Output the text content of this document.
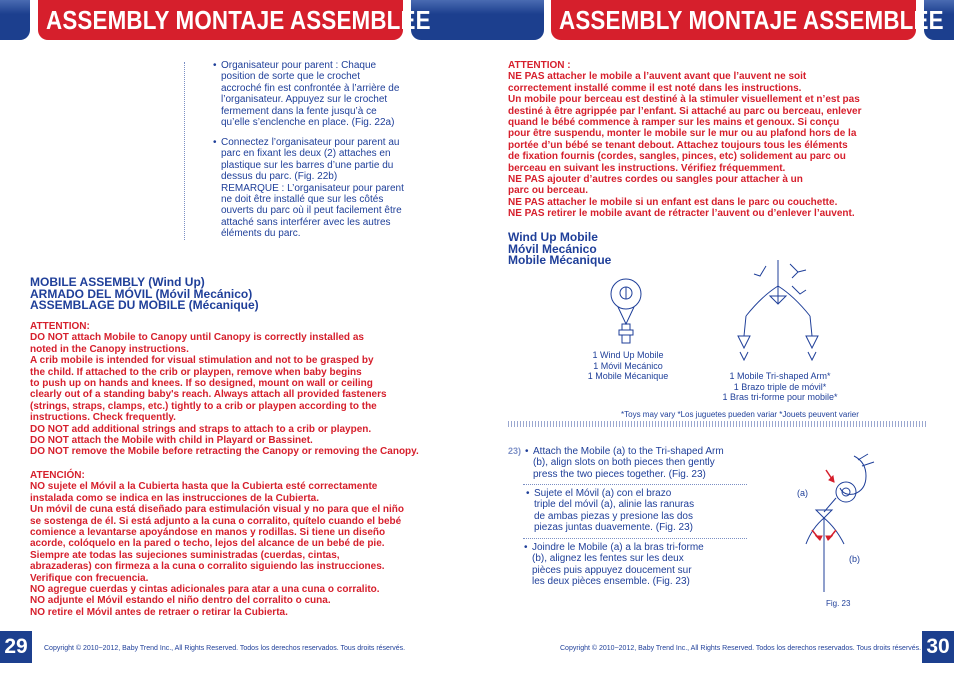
ASSEMBLY MONTAJE ASSEMBLEE	ASSEMBLY MONTAJE ASSEMBLEE
• Organisateur pour parent : Chaque
position de sorte que le crochet
accroché fin est confrontée à l’arrière de
l’organisateur. Appuyez sur le crochet
fermement dans la fente jusqu’à ce
qu’elle s’enclenche en place. (Fig. 22a)
• Connectez l’organisateur pour parent au
parc en fixant les deux (2) attaches en
plastique sur les barres d’une partie du
dessus du parc. (Fig. 22b)
REMARQUE : L’organisateur pour parent
ne doit être installé que sur les côtés
ouverts du parc où il peut facilement être
attaché sans interférer avec les autres
éléments du parc.
MOBILE ASSEMBLY (Wind Up)
ARMADO DEL MÓVIL (Móvil Mecánico)
ASSEMBLAGE DU MOBILE (Mécanique)
ATTENTION:
DO NOT attach Mobile to Canopy until Canopy is correctly installed as
noted in the Canopy instructions.
A crib mobile is intended for visual stimulation and not to be grasped by
the child. If attached to the crib or playpen, remove when baby begins
to push up on hands and knees. If so designed, mount on wall or ceiling
clearly out of a standing baby's reach. Always attach all provided fasteners
(strings, straps, clamps, etc.) tightly to a crib or playpen according to the
instructions. Check frequently.
DO NOT add additional strings and straps to attach to a crib or playpen.
DO NOT attach the Mobile with child in Playard or Bassinet.
DO NOT remove the Mobile before retracting the Canopy or removing the Canopy.
ATENCIÓN:
NO sujete el Móvil a la Cubierta hasta que la Cubierta esté correctamente
instalada como se indica en las instrucciones de la Cubierta.
Un móvil de cuna está diseñado para estimulación visual y no para que el niño
se sostenga de él. Si está adjunto a la cuna o corralito, quítelo cuando el bebé
comience a levantarse apoyándose en manos y rodillas. Si tiene un diseño
acorde, colóquelo en la pared o techo, lejos del alcance de un bebé de pie.
Siempre ate todas las sujeciones suministradas (cuerdas, cintas,
abrazaderas) con firmeza a la cuna o corralito siguiendo las instrucciones.
Verifique con frecuencia.
NO agregue cuerdas y cintas adicionales para atar a una cuna o corralito.
NO adjunte el Móvil estando el niño dentro del corralito o cuna.
NO retire el Móvil antes de retraer o retirar la Cubierta.
29	Copyright © 2010~2012, Baby Trend Inc., All Rights Reserved. Todos los derechos reservados. Tous droits réservés.
ATTENTION :
NE PAS attacher le mobile a l’auvent avant que l’auvent ne soit
correctement installé comme il est noté dans les instructions.
Un mobile pour berceau est destiné à la stimuler visuellement et n’est pas
destiné à être agrippée par l’enfant. Si attaché au parc ou berceau, enlever
quand le bébé commence à ramper sur les mains et genoux. Si conçu
pour être suspendu, monter le mobile sur le mur ou au plafond hors de la
portée d’un bébé se tenant debout. Attachez toujours tous les éléments
de fixation fournis (cordes, sangles, pinces, etc) solidement au parc ou
berceau en suivant les instructions. Vérifiez fréquemment.
NE PAS ajouter d’autres cordes ou sangles pour attacher à un
parc ou berceau.
NE PAS attacher le mobile si un enfant est dans le parc ou couchette.
NE PAS retirer le mobile avant de rétracter l’auvent ou d’enlever l’auvent.
Wind Up Mobile
Móvil Mecánico
Mobile Mécanique
1 Wind Up Mobile
1 Móvil Mecánico
1 Mobile Mécanique	1 Mobile Tri-shaped Arm*
1 Brazo triple de móvil*
1 Bras tri-forme pour mobile*
*Toys may vary *Los juguetes pueden variar *Jouets peuvent varier
23) • Attach the Mobile (a) to the Tri-shaped Arm
(b), align slots on both pieces then gently
press the two pieces together. (Fig. 23)
• Sujete el Móvil (a) con el brazo
triple del móvil (a), alinie las ranuras
de ambas piezas y presione las dos
piezas juntas duavemente. (Fig. 23)
• Joindre le Mobile (a) a la bras tri-forme
(b), alignez les fentes sur les deux
pièces puis appuyez doucement sur
les deux pièces ensemble. (Fig. 23)
(a)
(b)
Fig. 23
Copyright © 2010~2012, Baby Trend Inc., All Rights Reserved. Todos los derechos reservados. Tous droits réservés. 30
